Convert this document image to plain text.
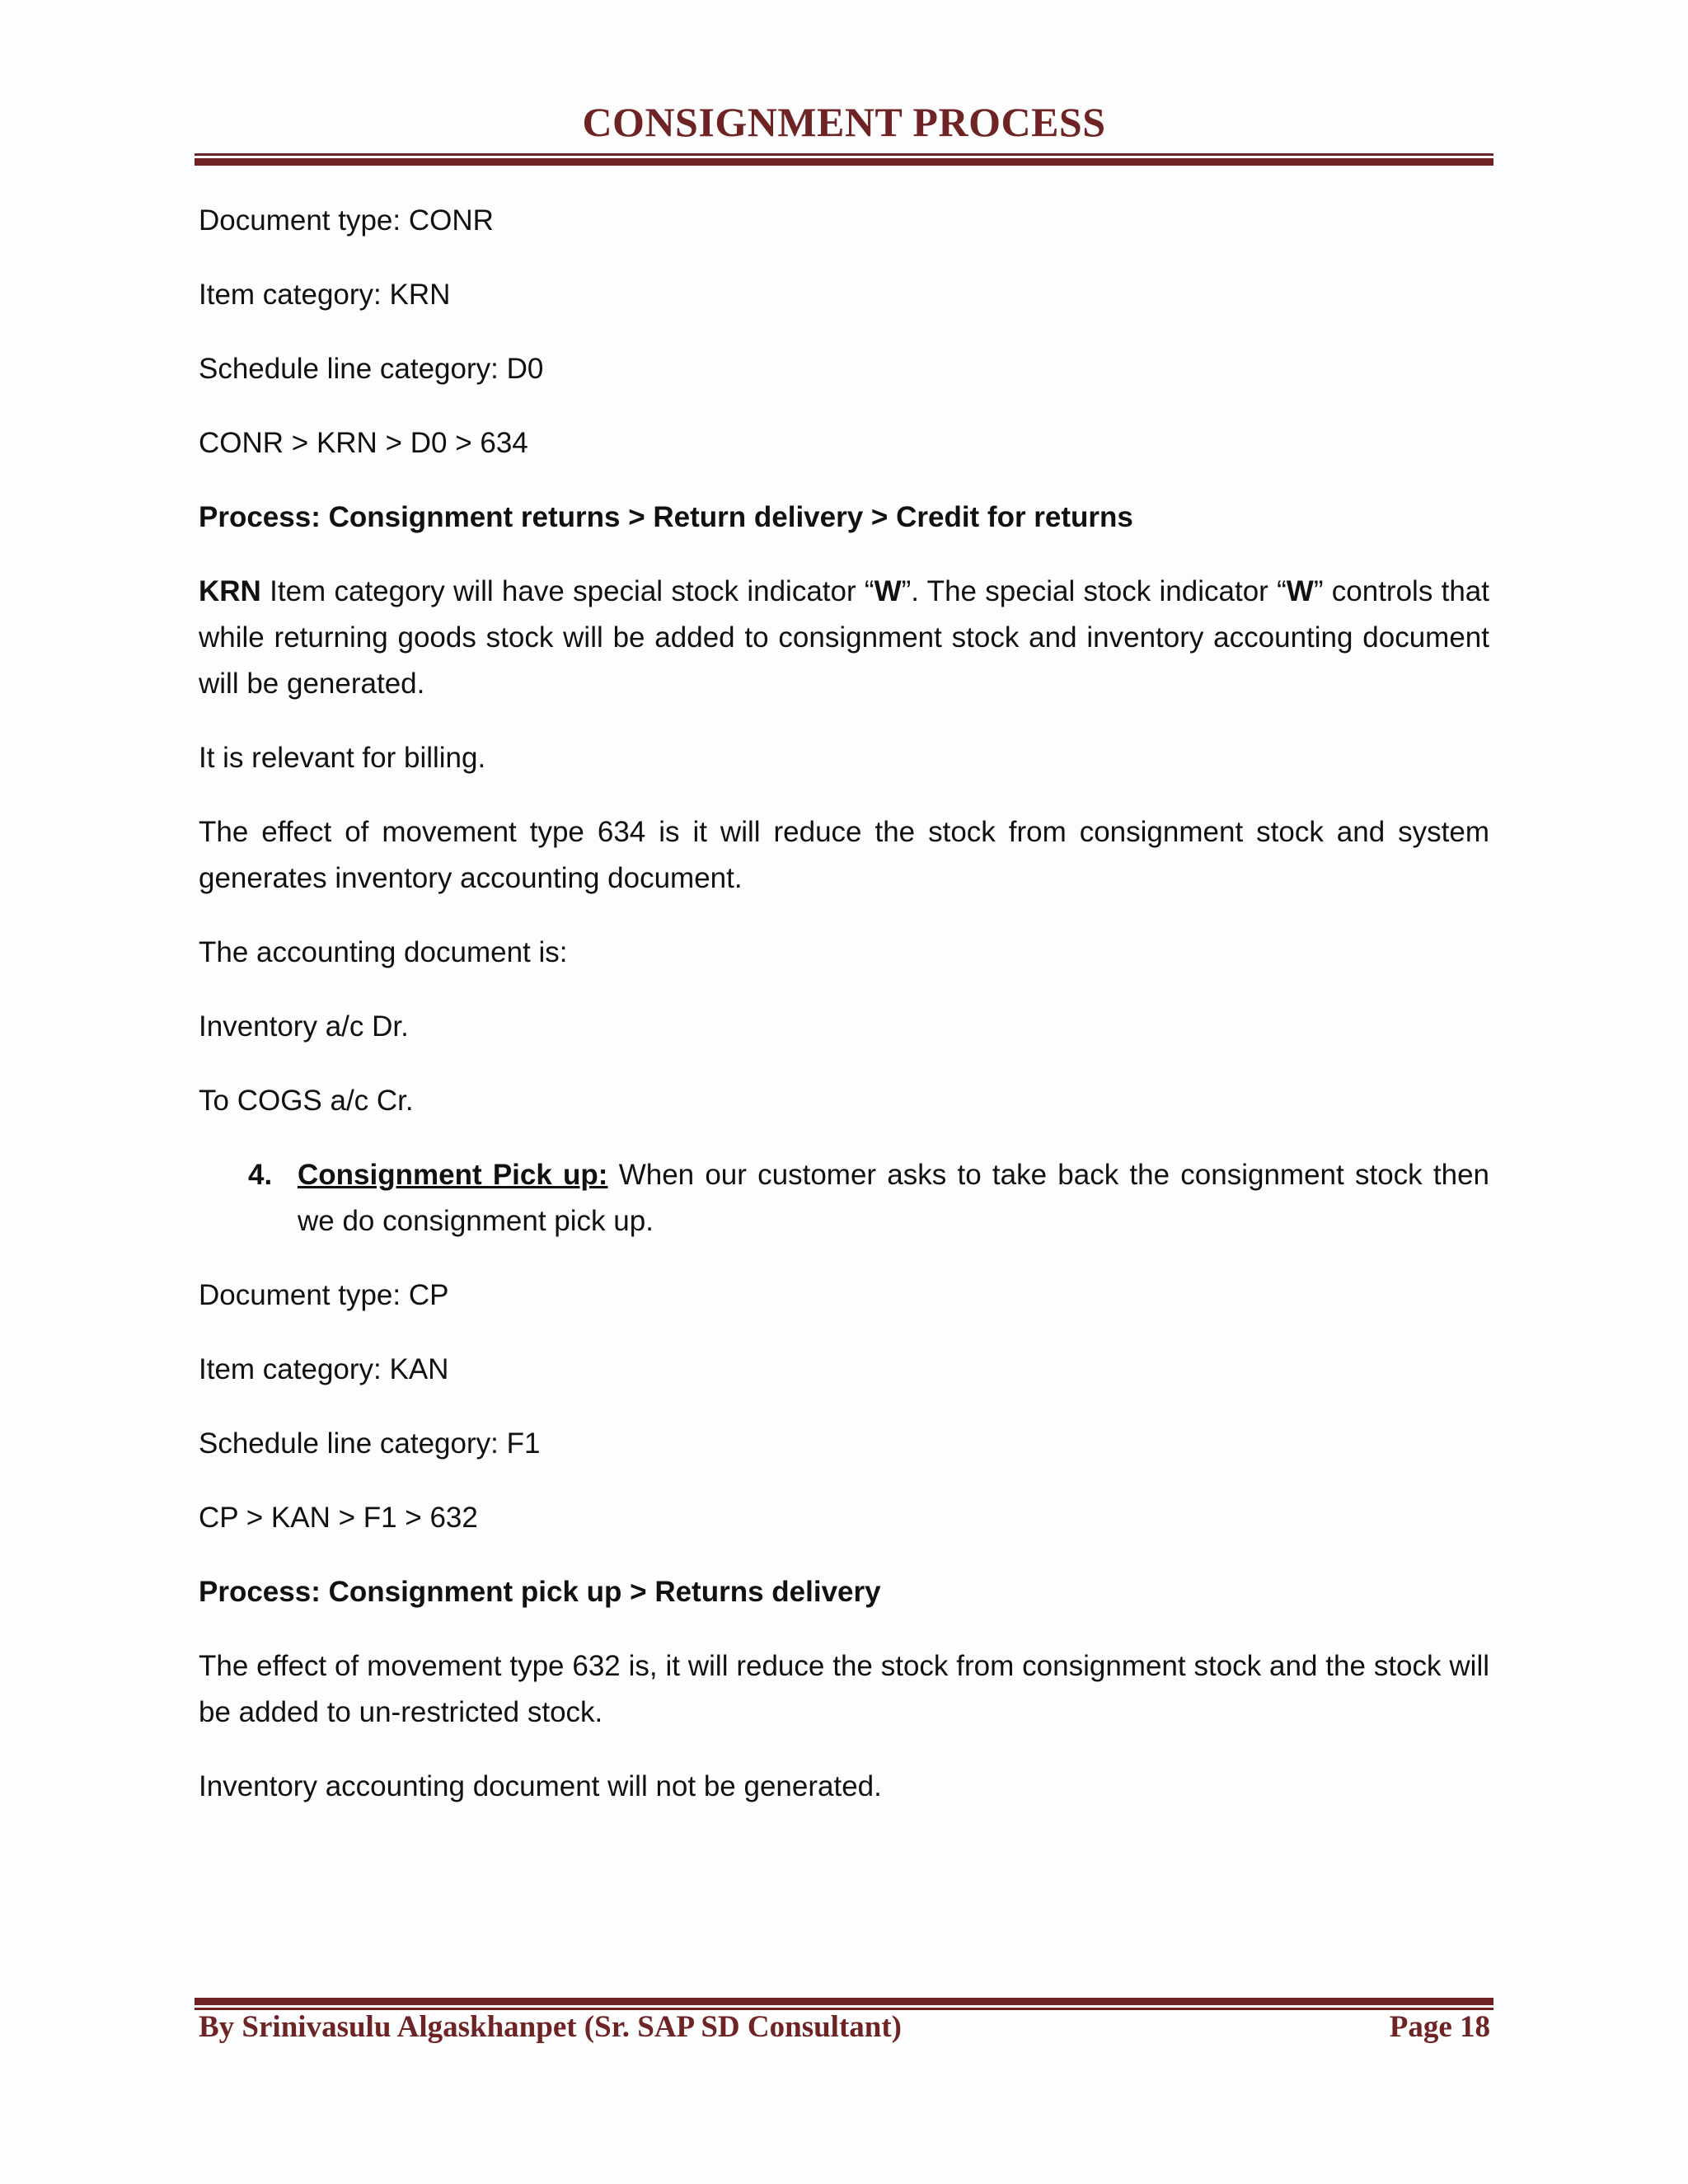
CONSIGNMENT PROCESS

Document type: CONR

Item category: KRN

Schedule line category: D0

CONR > KRN > D0 > 634

Process: Consignment returns > Return delivery > Credit for returns

KRN Item category will have special stock indicator “W”. The special stock indicator “W” controls that while returning goods stock will be added to consignment stock and inventory accounting document will be generated.

It is relevant for billing.

The effect of movement type 634 is it will reduce the stock from consignment stock and system generates inventory accounting document.

The accounting document is:

Inventory a/c Dr.

To COGS a/c Cr.

4. Consignment Pick up: When our customer asks to take back the consignment stock then we do consignment pick up.

Document type: CP

Item category: KAN

Schedule line category: F1

CP > KAN > F1 > 632

Process: Consignment pick up > Returns delivery

The effect of movement type 632 is, it will reduce the stock from consignment stock and the stock will be added to un-restricted stock.

Inventory accounting document will not be generated.

By Srinivasulu Algaskhanpet (Sr. SAP SD Consultant)	Page 18
